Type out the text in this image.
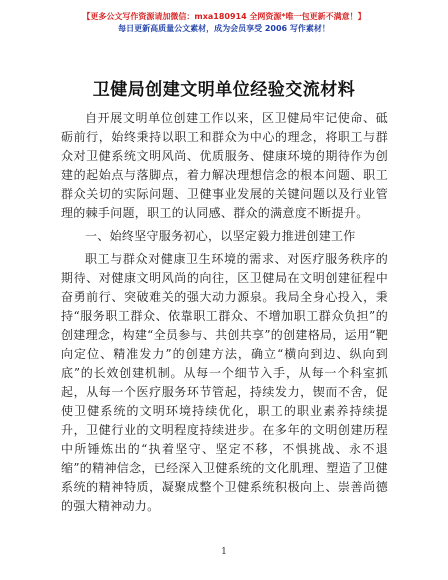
【更多公文写作资源请加微信：mxa180914 全网资源*唯一包更新不满意！】
每日更新高质量公文素材，成为会员享受 2006 写作素材！
卫健局创建文明单位经验交流材料

自开展文明单位创建工作以来，区卫健局牢记使命、砥砺前行，始终秉持以职工和群众为中心的理念，将职工与群众对卫健系统文明风尚、优质服务、健康环境的期待作为创建的起始点与落脚点，着力解决理想信念的根本问题、职工群众关切的实际问题、卫健事业发展的关键问题以及行业管理的棘手问题，职工的认同感、群众的满意度不断提升。

一、始终坚守服务初心，以坚定毅力推进创建工作

职工与群众对健康卫生环境的需求、对医疗服务秩序的期待、对健康文明风尚的向往，区卫健局在文明创建征程中奋勇前行、突破难关的强大动力源泉。我局全身心投入，秉持“服务职工群众、依靠职工群众、不增加职工群众负担”的创建理念，构建“全员参与、共创共享”的创建格局，运用“靶向定位、精准发力”的创建方法，确立“横向到边、纵向到底”的长效创建机制。从每一个细节入手，从每一个科室抓起，从每一个医疗服务环节管起，持续发力，锲而不舍，促使卫健系统的文明环境持续优化，职工的职业素养持续提升，卫健行业的文明程度持续进步。在多年的文明创建历程中所锤炼出的“执着坚守、坚定不移，不惧挑战、永不退缩”的精神信念，已经深入卫健系统的文化肌理、塑造了卫健系统的精神特质，凝聚成整个卫健系统积极向上、崇善尚德的强大精神动力。

1
